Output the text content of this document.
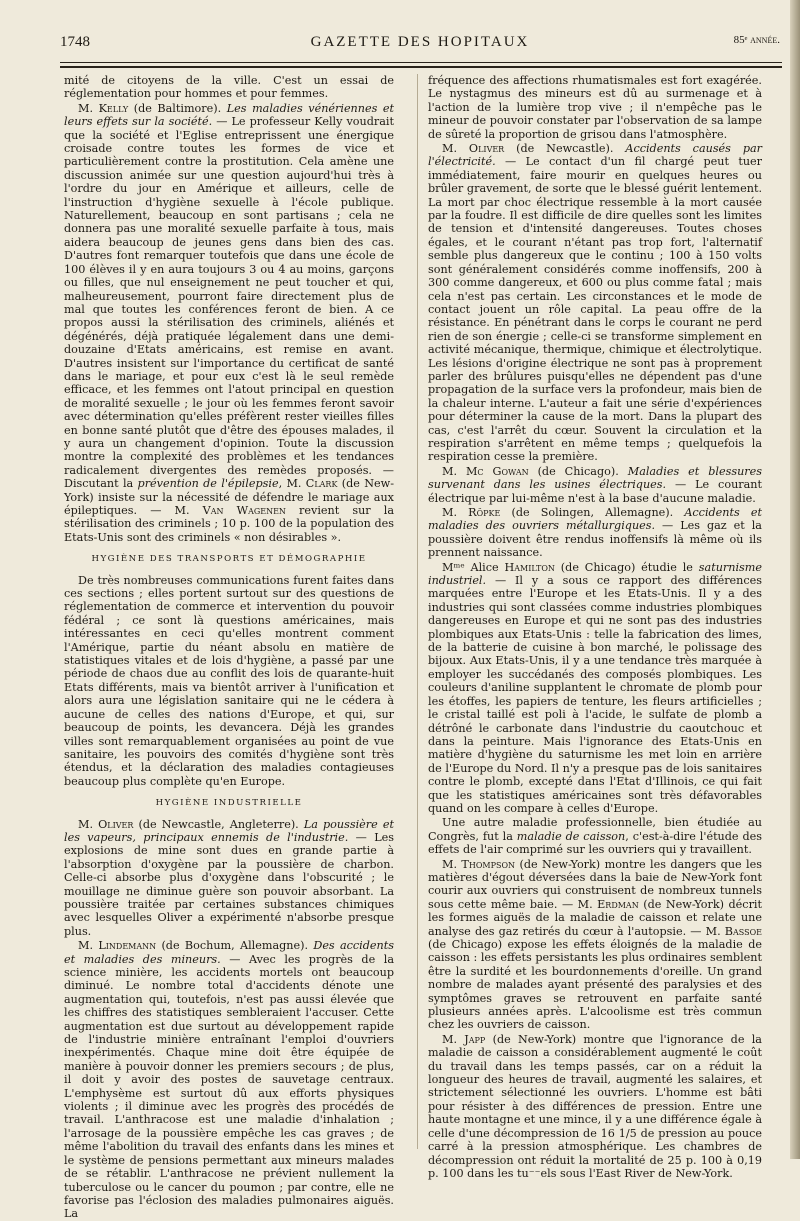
1748	GAZETTE DES HOPITAUX	85ᵉ année.

mité de citoyens de la ville. C'est un essai de réglementation pour hommes et pour femmes.

M. Kelly (de Baltimore). Les maladies vénériennes et leurs effets sur la société. — Le professeur Kelly voudrait que la société et l'Eglise entreprissent une énergique croisade contre toutes les formes de vice et particulièrement contre la prostitution. Cela amène une discussion animée sur une question aujourd'hui très à l'ordre du jour en Amérique et ailleurs, celle de l'instruction d'hygiène sexuelle à l'école publique. Naturellement, beaucoup en sont partisans ; cela ne donnera pas une moralité sexuelle parfaite à tous, mais aidera beaucoup de jeunes gens dans bien des cas. D'autres font remarquer toutefois que dans une école de 100 élèves il y en aura toujours 3 ou 4 au moins, garçons ou filles, que nul enseignement ne peut toucher et qui, malheureusement, pourront faire directement plus de mal que toutes les conférences feront de bien. A ce propos aussi la stérilisation des criminels, aliénés et dégénérés, déjà pratiquée légalement dans une demi-douzaine d'Etats américains, est remise en avant. D'autres insistent sur l'importance du certificat de santé dans le mariage, et pour eux c'est là le seul remède efficace, et les femmes ont l'atout principal en question de moralité sexuelle ; le jour où les femmes feront savoir avec détermination qu'elles préfèrent rester vieilles filles en bonne santé plutôt que d'être des épouses malades, il y aura un changement d'opinion. Toute la discussion montre la complexité des problèmes et les tendances radicalement divergentes des remèdes proposés. — Discutant la prévention de l'épilepsie, M. Clark (de New-York) insiste sur la nécessité de défendre le mariage aux épileptiques. — M. Van Wagenen revient sur la stérilisation des criminels ; 10 p. 100 de la population des Etats-Unis sont des criminels « non désirables ».

HYGIÈNE DES TRANSPORTS ET DÉMOGRAPHIE

De très nombreuses communications furent faites dans ces sections ; elles portent surtout sur des questions de réglementation de commerce et intervention du pouvoir fédéral ; ce sont là questions américaines, mais intéressantes en ceci qu'elles montrent comment l'Amérique, partie du néant absolu en matière de statistiques vitales et de lois d'hygiène, a passé par une période de chaos due au conflit des lois de quarante-huit Etats différents, mais va bientôt arriver à l'unification et alors aura une législation sanitaire qui ne le cédera à aucune de celles des nations d'Europe, et qui, sur beaucoup de points, les devancera. Déjà les grandes villes sont remarquablement organisées au point de vue sanitaire, les pouvoirs des comités d'hygiène sont très étendus, et la déclaration des maladies contagieuses beaucoup plus complète qu'en Europe.

HYGIÈNE INDUSTRIELLE

M. Oliver (de Newcastle, Angleterre). La poussière et les vapeurs, principaux ennemis de l'industrie. — Les explosions de mine sont dues en grande partie à l'absorption d'oxygène par la poussière de charbon. Celle-ci absorbe plus d'oxygène dans l'obscurité ; le mouillage ne diminue guère son pouvoir absorbant. La poussière traitée par certaines substances chimiques avec lesquelles Oliver a expérimenté n'absorbe presque plus.

M. Lindemann (de Bochum, Allemagne). Des accidents et maladies des mineurs. — Avec les progrès de la science minière, les accidents mortels ont beaucoup diminué. Le nombre total d'accidents dénote une augmentation qui, toutefois, n'est pas aussi élevée que les chiffres des statistiques sembleraient l'accuser. Cette augmentation est due surtout au développement rapide de l'industrie minière entraînant l'emploi d'ouvriers inexpérimentés. Chaque mine doit être équipée de manière à pouvoir donner les premiers secours ; de plus, il doit y avoir des postes de sauvetage centraux. L'emphysème est surtout dû aux efforts physiques violents ; il diminue avec les progrès des procédés de travail. L'anthracose est une maladie d'inhalation ; l'arrosage de la poussière empêche les cas graves ; de même l'abolition du travail des enfants dans les mines et le système de pensions permettant aux mineurs malades de se rétablir. L'anthracose ne prévient nullement la tuberculose ou le cancer du poumon ; par contre, elle ne favorise pas l'éclosion des maladies pulmonaires aiguës. La

fréquence des affections rhumatismales est fort exagérée. Le nystagmus des mineurs est dû au surmenage et à l'action de la lumière trop vive ; il n'empêche pas le mineur de pouvoir constater par l'observation de sa lampe de sûreté la proportion de grisou dans l'atmosphère.

M. Oliver (de Newcastle). Accidents causés par l'électricité. — Le contact d'un fil chargé peut tuer immédiatement, faire mourir en quelques heures ou brûler gravement, de sorte que le blessé guérit lentement. La mort par choc électrique ressemble à la mort causée par la foudre. Il est difficile de dire quelles sont les limites de tension et d'intensité dangereuses. Toutes choses égales, et le courant n'étant pas trop fort, l'alternatif semble plus dangereux que le continu ; 100 à 150 volts sont généralement considérés comme inoffensifs, 200 à 300 comme dangereux, et 600 ou plus comme fatal ; mais cela n'est pas certain. Les circonstances et le mode de contact jouent un rôle capital. La peau offre de la résistance. En pénétrant dans le corps le courant ne perd rien de son énergie ; celle-ci se transforme simplement en activité mécanique, thermique, chimique et électrolytique. Les lésions d'origine électrique ne sont pas à proprement parler des brûlures puisqu'elles ne dépendent pas d'une propagation de la surface vers la profondeur, mais bien de la chaleur interne. L'auteur a fait une série d'expériences pour déterminer la cause de la mort. Dans la plupart des cas, c'est l'arrêt du cœur. Souvent la circulation et la respiration s'arrêtent en même temps ; quelquefois la respiration cesse la première.

M. Mc Gowan (de Chicago). Maladies et blessures survenant dans les usines électriques. — Le courant électrique par lui-même n'est à la base d'aucune maladie.

M. Röpke (de Solingen, Allemagne). Accidents et maladies des ouvriers métallurgiques. — Les gaz et la poussière doivent être rendus inoffensifs là même où ils prennent naissance.

Mᵐᵉ Alice Hamilton (de Chicago) étudie le saturnisme industriel. — Il y a sous ce rapport des différences marquées entre l'Europe et les Etats-Unis. Il y a des industries qui sont classées comme industries plombiques dangereuses en Europe et qui ne sont pas des industries plombiques aux Etats-Unis : telle la fabrication des limes, de la batterie de cuisine à bon marché, le polissage des bijoux. Aux Etats-Unis, il y a une tendance très marquée à employer les succédanés des composés plombiques. Les couleurs d'aniline supplantent le chromate de plomb pour les étoffes, les papiers de tenture, les fleurs artificielles ; le cristal taillé est poli à l'acide, le sulfate de plomb a détrôné le carbonate dans l'industrie du caoutchouc et dans la peinture. Mais l'ignorance des Etats-Unis en matière d'hygiène du saturnisme les met loin en arrière de l'Europe du Nord. Il n'y a presque pas de lois sanitaires contre le plomb, excepté dans l'Etat d'Illinois, ce qui fait que les statistiques américaines sont très défavorables quand on les compare à celles d'Europe.

Une autre maladie professionnelle, bien étudiée au Congrès, fut la maladie de caisson, c'est-à-dire l'étude des effets de l'air comprimé sur les ouvriers qui y travaillent.

M. Thompson (de New-York) montre les dangers que les matières d'égout déversées dans la baie de New-York font courir aux ouvriers qui construisent de nombreux tunnels sous cette même baie. — M. Erdman (de New-York) décrit les formes aiguës de la maladie de caisson et relate une analyse des gaz retirés du cœur à l'autopsie. — M. Bassoe (de Chicago) expose les effets éloignés de la maladie de caisson : les effets persistants les plus ordinaires semblent être la surdité et les bourdonnements d'oreille. Un grand nombre de malades ayant présenté des paralysies et des symptômes graves se retrouvent en parfaite santé plusieurs années après. L'alcoolisme est très commun chez les ouvriers de caisson.

M. Japp (de New-York) montre que l'ignorance de la maladie de caisson a considérablement augmenté le coût du travail dans les temps passés, car on a réduit la longueur des heures de travail, augmenté les salaires, et strictement sélectionné les ouvriers. L'homme est bâti pour résister à des différences de pression. Entre une haute montagne et une mince, il y a une différence égale à celle d'une décompression de 16 1/5 de pression au pouce carré à la pression atmosphérique. Les chambres de décompression ont réduit la mortalité de 25 p. 100 à 0,19 p. 100 dans les tu⁻⁻els sous l'East River de New-York.
